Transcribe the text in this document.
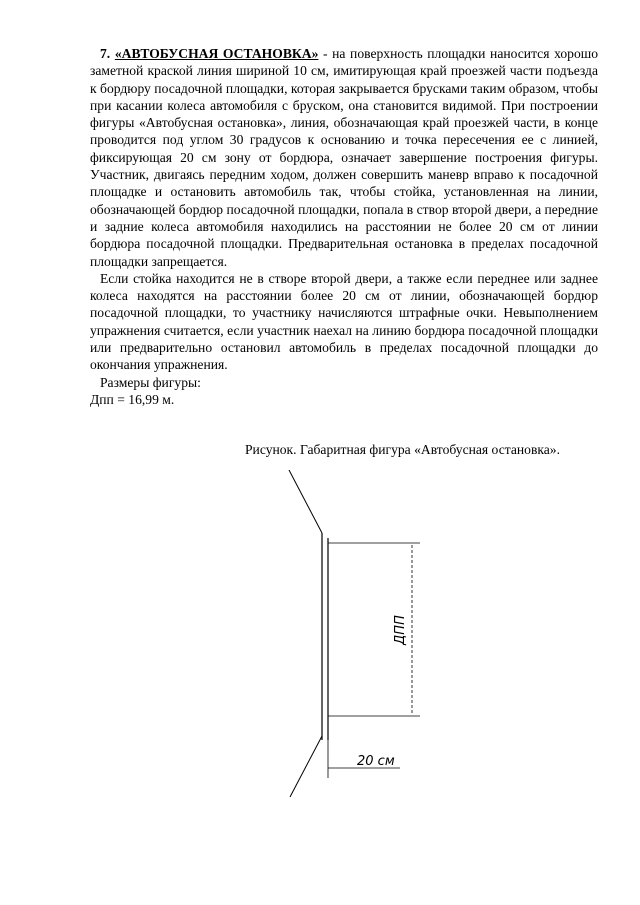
7. «АВТОБУСНАЯ ОСТАНОВКА» - на поверхность площадки наносится хорошо заметной краской линия шириной 10 см, имитирующая край проезжей части подъезда к бордюру посадочной площадки, которая закрывается брусками таким образом, чтобы при касании колеса автомобиля с бруском, она становится видимой. При построении фигуры «Автобусная остановка», линия, обозначающая край проезжей части, в конце проводится под углом 30 градусов к основанию и точка пересечения ее с линией, фиксирующая 20 см зону от бордюра, означает завершение построения фигуры. Участник, двигаясь передним ходом, должен совершить маневр вправо к посадочной площадке и остановить автомобиль так, чтобы стойка, установленная на линии, обозначающей бордюр посадочной площадки, попала в створ второй двери, а передние и задние колеса автомобиля находились на расстоянии не более 20 см от линии бордюра посадочной площадки. Предварительная остановка в пределах посадочной площадки запрещается.

Если стойка находится не в створе второй двери, а также если переднее или заднее колеса находятся на расстоянии более 20 см от линии, обозначающей бордюр посадочной площадки, то участнику начисляются штрафные очки. Невыполнением упражнения считается, если участник наехал на линию бордюра посадочной площадки или предварительно остановил автомобиль в пределах посадочной площадки до окончания упражнения.

Размеры фигуры:

Дпп = 16,99 м.

Рисунок. Габаритная фигура «Автобусная остановка».
ДПП
20 см
